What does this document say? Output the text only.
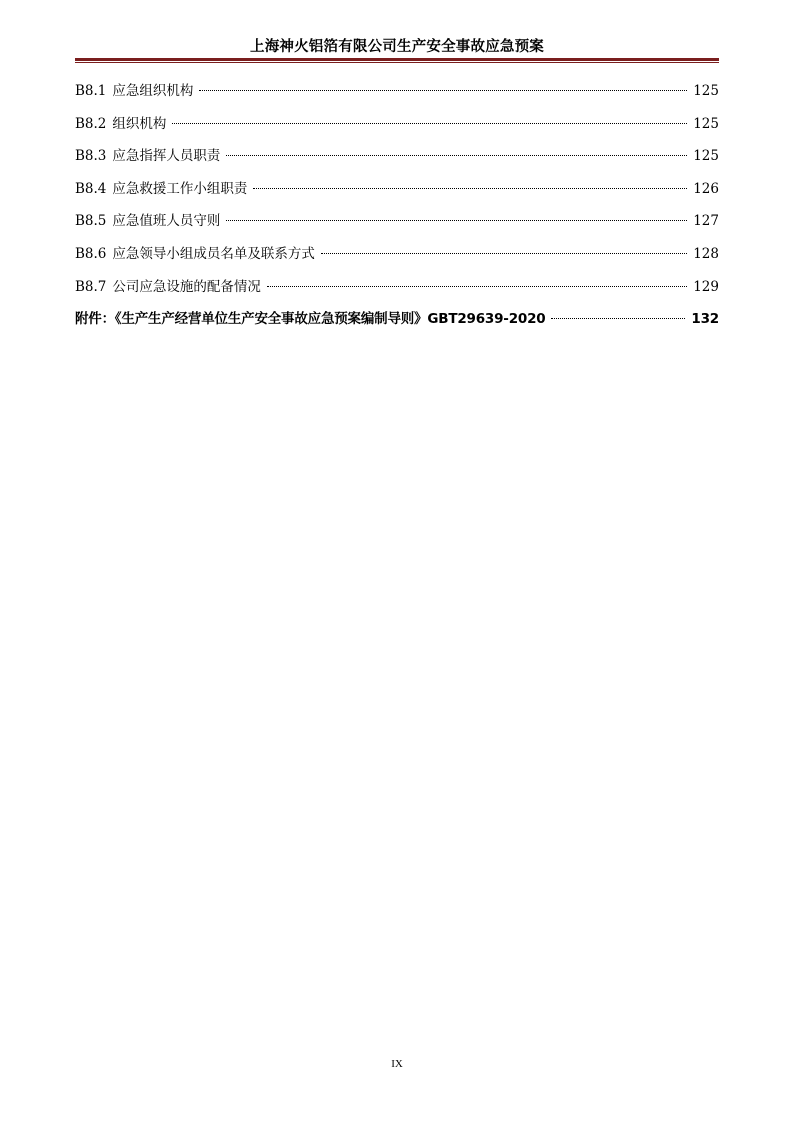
上海神火铝箔有限公司生产安全事故应急预案
B8.1 应急组织机构	125
B8.2 组织机构	125
B8.3 应急指挥人员职责	125
B8.4 应急救援工作小组职责	126
B8.5 应急值班人员守则	127
B8.6 应急领导小组成员名单及联系方式	128
B8.7 公司应急设施的配备情况	129
附件：《生产生产经营单位生产安全事故应急预案编制导则》GBT29639-2020	132
IX
